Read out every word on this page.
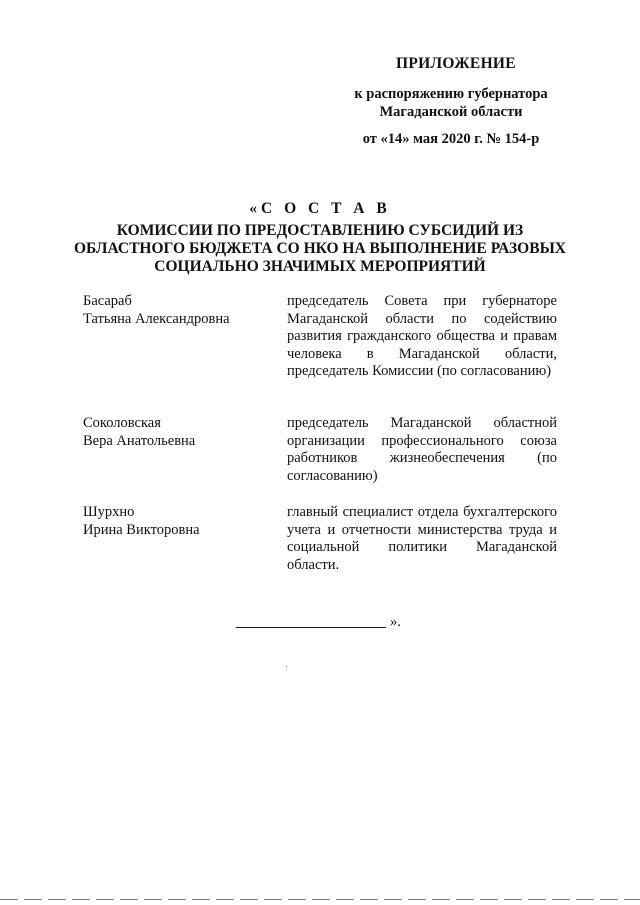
ПРИЛОЖЕНИЕ
к распоряжению губернатора
Магаданской области
от «14» мая 2020 г. № 154-р
«С О С Т А В
КОМИССИИ ПО ПРЕДОСТАВЛЕНИЮ СУБСИДИЙ ИЗ
ОБЛАСТНОГО БЮДЖЕТА СО НКО НА ВЫПОЛНЕНИЕ РАЗОВЫХ
СОЦИАЛЬНО ЗНАЧИМЫХ МЕРОПРИЯТИЙ
Басараб
Татьяна Александровна
председатель Совета при губернаторе Магаданской области по содействию развития гражданского общества и правам человека в Магаданской области, председатель Комиссии (по согласованию)
Соколовская
Вера Анатольевна
председатель Магаданской областной организации профессионального союза работников жизнеобеспечения (по согласованию)
Шурхно
Ирина Викторовна
главный специалист отдела бухгалтерского учета и отчетности министерства труда и социальной политики Магаданской области.
».
